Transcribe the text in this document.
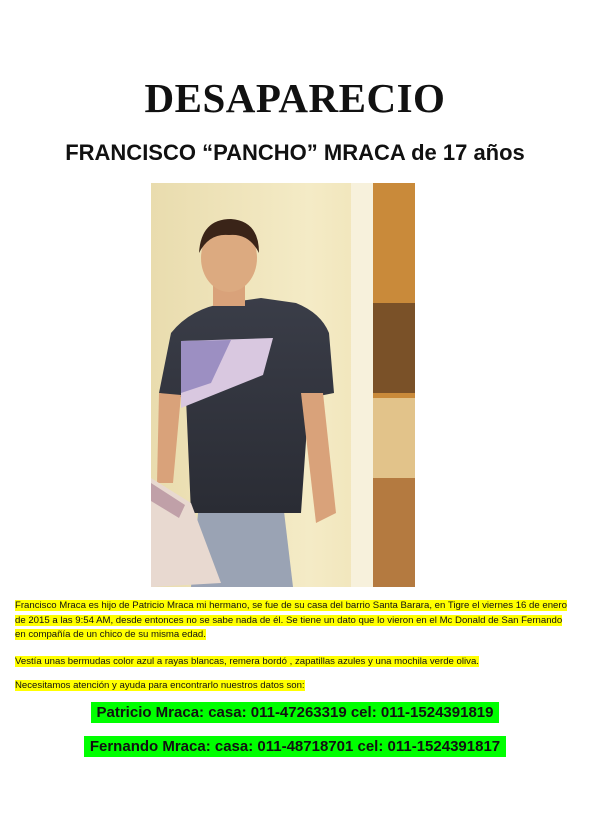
DESAPARECIO
FRANCISCO “PANCHO” MRACA de 17 años
Francisco Mraca es hijo de Patricio Mraca mi hermano, se fue de su casa del barrio Santa Barara, en Tigre el viernes 16 de enero de 2015 a las 9:54 AM, desde entonces no se sabe nada de él. Se tiene un dato que lo vieron en el Mc Donald de San Fernando en compañía de un chico de su misma edad.
Vestía unas bermudas color azul a rayas blancas, remera bordó , zapatillas azules y una mochila verde oliva.
Necesitamos atención y ayuda para encontrarlo nuestros datos son:
Patricio Mraca: casa: 011-47263319 cel: 011-1524391819
Fernando Mraca: casa: 011-48718701 cel: 011-1524391817
